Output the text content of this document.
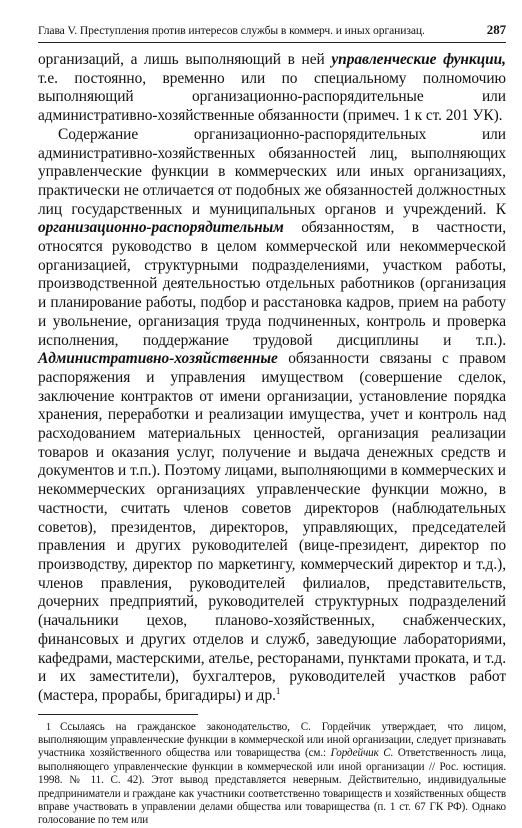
Глава V. Преступления против интересов службы в коммерч. и иных организац.	287

организаций, а лишь выполняющий в ней управленческие функции, т.е. постоянно, временно или по специальному полномочию выполняющий организационно-распорядительные или административно-хозяйственные обязанности (примеч. 1 к ст. 201 УК).

Содержание организационно-распорядительных или административно-хозяйственных обязанностей лиц, выполняющих управленческие функции в коммерческих или иных организациях, практически не отличается от подобных же обязанностей должностных лиц государственных и муниципальных органов и учреждений. К организационно-распорядительным обязанностям, в частности, относятся руководство в целом коммерческой или некоммерческой организацией, структурными подразделениями, участком работы, производственной деятельностью отдельных работников (организация и планирование работы, подбор и расстановка кадров, прием на работу и увольнение, организация труда подчиненных, контроль и проверка исполнения, поддержание трудовой дисциплины и т.п.). Административно-хозяйственные обязанности связаны с правом распоряжения и управления имуществом (совершение сделок, заключение контрактов от имени организации, установление порядка хранения, переработки и реализации имущества, учет и контроль над расходованием материальных ценностей, организация реализации товаров и оказания услуг, получение и выдача денежных средств и документов и т.п.). Поэтому лицами, выполняющими в коммерческих и некоммерческих организациях управленческие функции можно, в частности, считать членов советов директоров (наблюдательных советов), президентов, директоров, управляющих, председателей правления и других руководителей (вице-президент, директор по производству, директор по маркетингу, коммерческий директор и т.д.), членов правления, руководителей филиалов, представительств, дочерних предприятий, руководителей структурных подразделений (начальники цехов, планово-хозяйственных, снабженческих, финансовых и других отделов и служб, заведующие лабораториями, кафедрами, мастерскими, ателье, ресторанами, пунктами проката, и т.д. и их заместители), бухгалтеров, руководителей участков работ (мастера, прорабы, бригадиры) и др.$^1$

1 Ссылаясь на гражданское законодательство, С. Гордейчик утверждает, что лицом, выполняющим управленческие функции в коммерческой или иной организации, следует признавать участника хозяйственного общества или товарищества (см.: Гордейчик С. Ответственность лица, выполняющего управленческие функции в коммерческой или иной организации // Рос. юстиция. 1998. № 11. С. 42). Этот вывод представляется неверным. Действительно, индивидуальные предприниматели и граждане как участники соответственно товариществ и хозяйственных обществ вправе участвовать в управлении делами общества или товарищества (п. 1 ст. 67 ГК РФ). Однако голосование по тем или
